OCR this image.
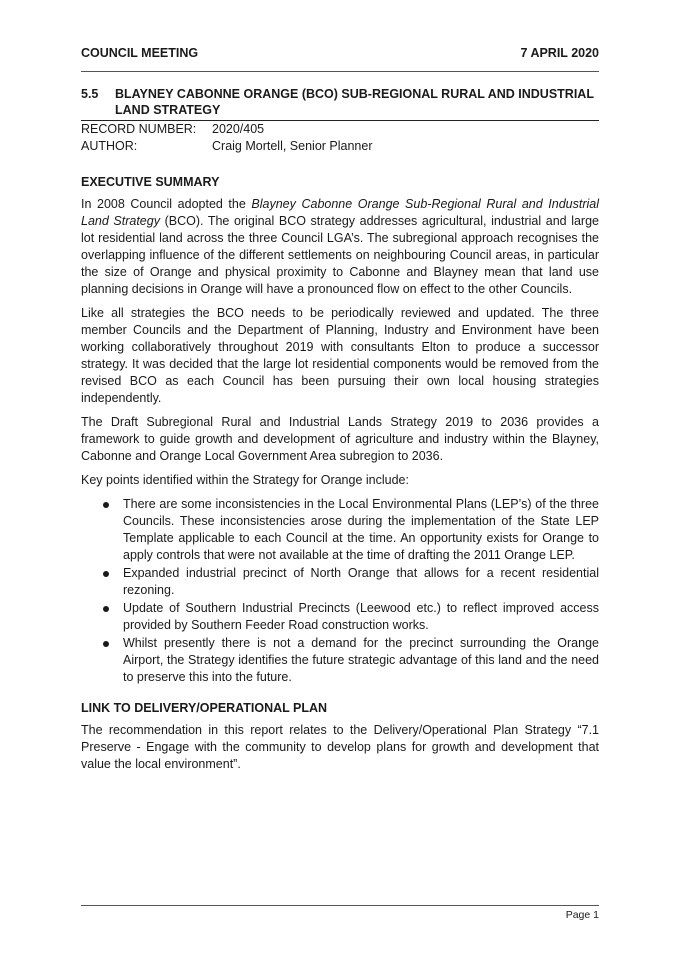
COUNCIL MEETING	7 APRIL 2020
5.5	BLAYNEY CABONNE ORANGE (BCO) SUB-REGIONAL RURAL AND INDUSTRIAL LAND STRATEGY
RECORD NUMBER:	2020/405
AUTHOR:	Craig Mortell, Senior Planner
EXECUTIVE SUMMARY

In 2008 Council adopted the Blayney Cabonne Orange Sub-Regional Rural and Industrial Land Strategy (BCO). The original BCO strategy addresses agricultural, industrial and large lot residential land across the three Council LGA’s. The subregional approach recognises the overlapping influence of the different settlements on neighbouring Council areas, in particular the size of Orange and physical proximity to Cabonne and Blayney mean that land use planning decisions in Orange will have a pronounced flow on effect to the other Councils.

Like all strategies the BCO needs to be periodically reviewed and updated. The three member Councils and the Department of Planning, Industry and Environment have been working collaboratively throughout 2019 with consultants Elton to produce a successor strategy. It was decided that the large lot residential components would be removed from the revised BCO as each Council has been pursuing their own local housing strategies independently.

The Draft Subregional Rural and Industrial Lands Strategy 2019 to 2036 provides a framework to guide growth and development of agriculture and industry within the Blayney, Cabonne and Orange Local Government Area subregion to 2036.

Key points identified within the Strategy for Orange include:

There are some inconsistencies in the Local Environmental Plans (LEP’s) of the three Councils. These inconsistencies arose during the implementation of the State LEP Template applicable to each Council at the time. An opportunity exists for Orange to apply controls that were not available at the time of drafting the 2011 Orange LEP.
Expanded industrial precinct of North Orange that allows for a recent residential rezoning.
Update of Southern Industrial Precincts (Leewood etc.) to reflect improved access provided by Southern Feeder Road construction works.
Whilst presently there is not a demand for the precinct surrounding the Orange Airport, the Strategy identifies the future strategic advantage of this land and the need to preserve this into the future.
LINK TO DELIVERY/OPERATIONAL PLAN

The recommendation in this report relates to the Delivery/Operational Plan Strategy “7.1 Preserve - Engage with the community to develop plans for growth and development that value the local environment”.

Page 1
